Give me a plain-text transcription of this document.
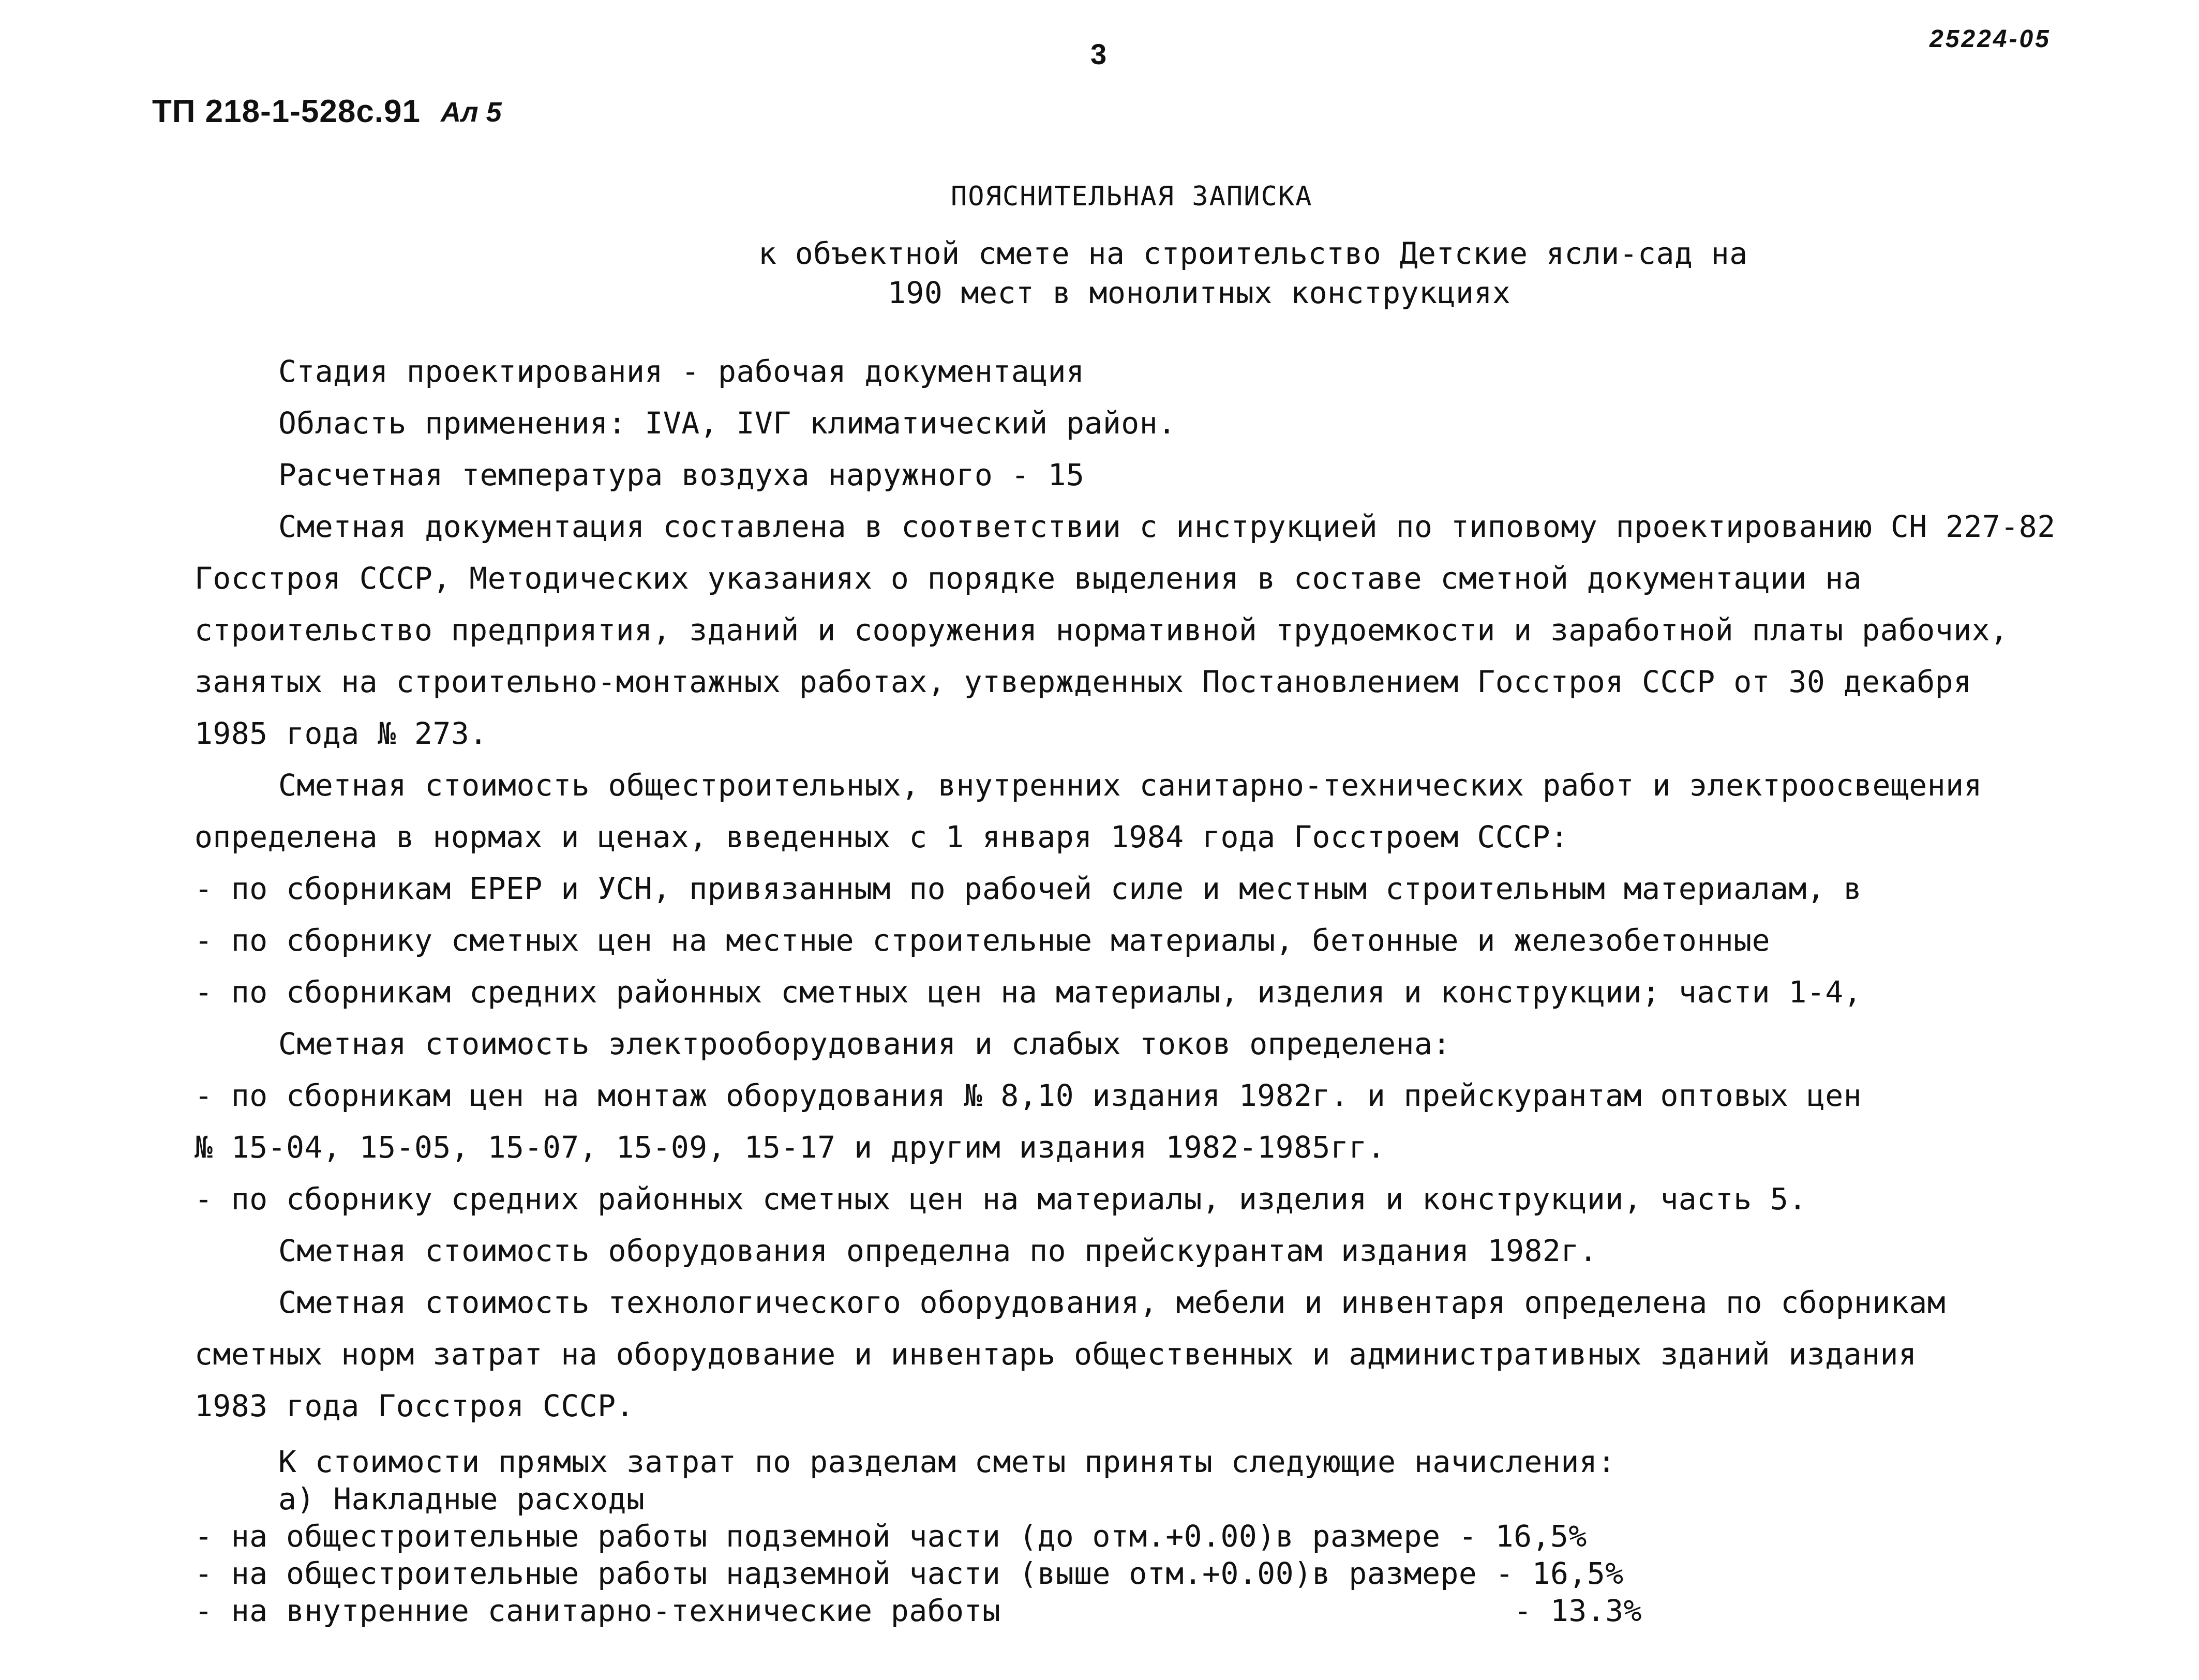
3	25224-05
ТП 218-1-528с.91 Ал 5
ПОЯСНИТЕЛЬНАЯ ЗАПИСКА
к объектной смете на строительство Детские ясли-сад на
190 мест в монолитных конструкциях
Стадия проектирования - рабочая документация
Область применения: IVА, IVГ климатический район.
Расчетная температура воздуха наружного - 15
Сметная документация составлена в соответствии с инструкцией по типовому проектированию СН 227-82
Госстроя СССР, Методических указаниях о порядке выделения в составе сметной документации на
строительство предприятия, зданий и сооружения нормативной трудоемкости и заработной платы рабочих,
занятых на строительно-монтажных работах, утвержденных Постановлением Госстроя СССР от 30 декабря
1985 года № 273.
Сметная стоимость общестроительных, внутренних санитарно-технических работ и электроосвещения
определена в нормах и ценах, введенных с 1 января 1984 года Госстроем СССР:
- по сборникам ЕРЕР и УСН, привязанным по рабочей силе и местным строительным материалам, в
- по сборнику сметных цен на местные строительные материалы, бетонные и железобетонные
- по сборникам средних районных сметных цен на материалы, изделия и конструкции; части 1-4,
Сметная стоимость электрооборудования и слабых токов определена:
- по сборникам цен на монтаж оборудования № 8,10 издания 1982г. и прейскурантам оптовых цен
№ 15-04, 15-05, 15-07, 15-09, 15-17 и другим издания 1982-1985гг.
- по сборнику средних районных сметных цен на материалы, изделия и конструкции, часть 5.
Сметная стоимость оборудования определна по прейскурантам издания 1982г.
Сметная стоимость технологического оборудования, мебели и инвентаря определена по сборникам
сметных норм затрат на оборудование и инвентарь общественных и административных зданий издания
1983 года Госстроя СССР.
К стоимости прямых затрат по разделам сметы приняты следующие начисления:
а) Накладные расходы
- на общестроительные работы подземной части (до отм.+0.00)в размере - 16,5%
- на общестроительные работы надземной части (выше отм.+0.00)в размере - 16,5%
- на внутренние санитарно-технические работы                            - 13.3%
